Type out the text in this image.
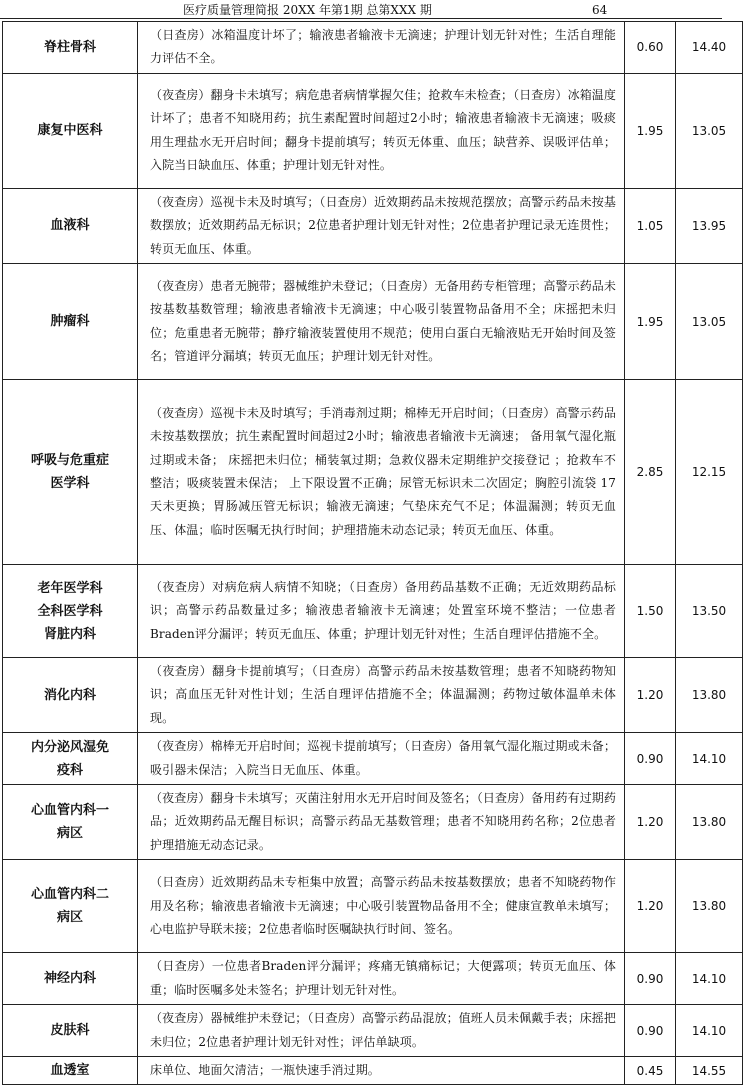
医疗质量管理简报 20XX 年第1期 总第XXX 期	64
脊柱骨科	（日查房）冰箱温度计坏了；输液患者输液卡无滴速；护理计划无针对性；生活自理能力评估不全。	0.60	14.40

康复中医科	（夜查房）翻身卡未填写；病危患者病情掌握欠佳；抢救车未检查；（日查房）冰箱温度计坏了；患者不知晓用药；抗生素配置时间超过2小时；输液患者输液卡无滴速；吸痰用生理盐水无开启时间；翻身卡提前填写；转页无体重、血压；缺营养、误吸评估单；入院当日缺血压、体重；护理计划无针对性。	1.95	13.05

血液科	（夜查房）巡视卡未及时填写；（日查房）近效期药品未按规范摆放；高警示药品未按基数摆放；近效期药品无标识；2位患者护理计划无针对性；2位患者护理记录无连贯性；转页无血压、体重。	1.05	13.95

肿瘤科	（夜查房）患者无腕带；器械维护未登记；（日查房）无备用药专柜管理；高警示药品未按基数基数管理；输液患者输液卡无滴速；中心吸引装置物品备用不全；床摇把未归位；危重患者无腕带；静疗输液装置使用不规范；使用白蛋白无输液贴无开始时间及签名；管道评分漏填；转页无血压；护理计划无针对性。	1.95	13.05

呼吸与危重症
医学科	（夜查房）巡视卡未及时填写；手消毒剂过期；棉棒无开启时间；（日查房）高警示药品未按基数摆放；抗生素配置时间超过2小时；输液患者输液卡无滴速； 备用氧气湿化瓶过期或未备； 床摇把未归位；桶装氧过期；急救仪器未定期维护交接登记 ；抢救车不整洁；吸痰装置未保洁； 上下限设置不正确；尿管无标识未二次固定；胸腔引流袋 17天未更换；胃肠减压管无标识；输液无滴速；气垫床充气不足；体温漏测；转页无血压、体温；临时医嘱无执行时间；护理措施未动态记录；转页无血压、体重。	2.85	12.15

老年医学科
全科医学科
肾脏内科	（夜查房）对病危病人病情不知晓；（日查房）备用药品基数不正确；无近效期药品标识；高警示药品数量过多；输液患者输液卡无滴速；处置室环境不整洁；一位患者Braden评分漏评；转页无血压、体重；护理计划无针对性；生活自理评估措施不全。	1.50	13.50

消化内科	（夜查房）翻身卡提前填写；（日查房）高警示药品未按基数管理；患者不知晓药物知识；高血压无针对性计划；生活自理评估措施不全；体温漏测；药物过敏体温单未体现。	1.20	13.80

内分泌风湿免
疫科	（夜查房）棉棒无开启时间；巡视卡提前填写；（日查房）备用氧气湿化瓶过期或未备；吸引器未保洁；入院当日无血压、体重。	0.90	14.10

心血管内科一
病区	（夜查房）翻身卡未填写；灭菌注射用水无开启时间及签名；（日查房）备用药有过期药品；近效期药品无醒目标识；高警示药品无基数管理；患者不知晓用药名称；2位患者护理措施无动态记录。	1.20	13.80

心血管内科二
病区	（日查房）近效期药品未专柜集中放置；高警示药品未按基数摆放；患者不知晓药物作用及名称；输液患者输液卡无滴速；中心吸引装置物品备用不全；健康宣教单未填写；心电监护导联未接；2位患者临时医嘱缺执行时间、签名。	1.20	13.80

神经内科	（日查房）一位患者Braden评分漏评；疼痛无镇痛标记；大便露项；转页无血压、体重；临时医嘱多处未签名；护理计划无针对性。	0.90	14.10

皮肤科	（夜查房）器械维护未登记；（日查房）高警示药品混放；值班人员未佩戴手表；床摇把未归位；2位患者护理计划无针对性；评估单缺项。	0.90	14.10

血透室	床单位、地面欠清洁；一瓶快速手消过期。	0.45	14.55
